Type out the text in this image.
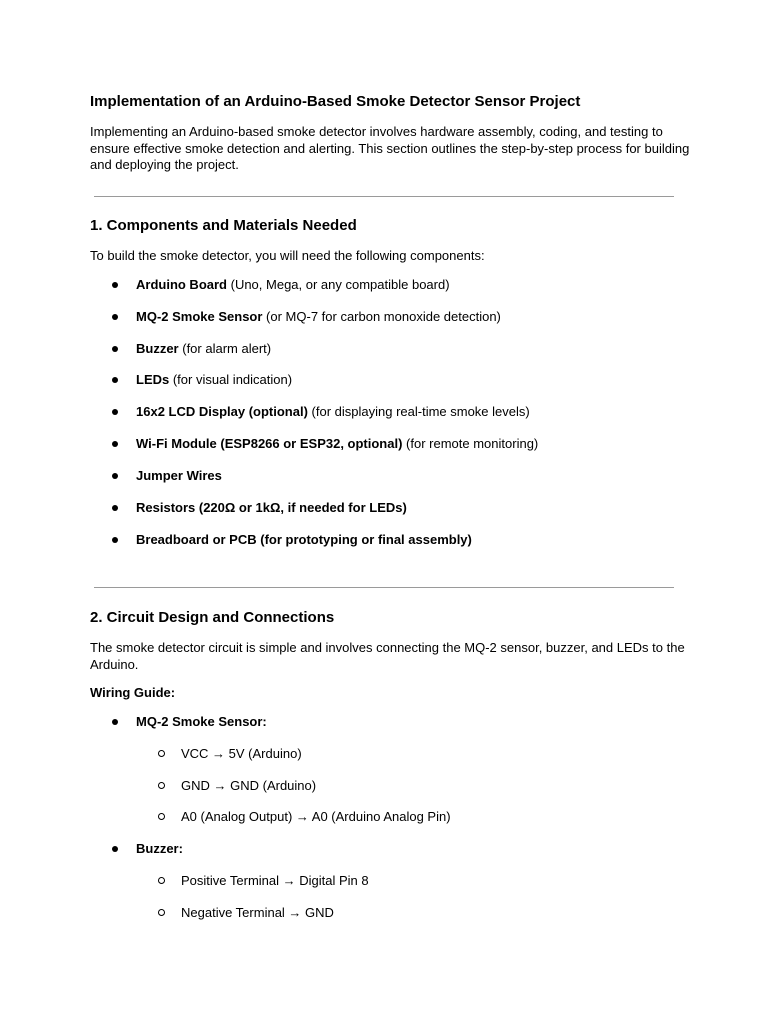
Implementation of an Arduino-Based Smoke Detector Sensor Project
Implementing an Arduino-based smoke detector involves hardware assembly, coding, and testing to ensure effective smoke detection and alerting. This section outlines the step-by-step process for building and deploying the project.
1. Components and Materials Needed
To build the smoke detector, you will need the following components:
Arduino Board (Uno, Mega, or any compatible board)
MQ-2 Smoke Sensor (or MQ-7 for carbon monoxide detection)
Buzzer (for alarm alert)
LEDs (for visual indication)
16x2 LCD Display (optional) (for displaying real-time smoke levels)
Wi-Fi Module (ESP8266 or ESP32, optional) (for remote monitoring)
Jumper Wires
Resistors (220Ω or 1kΩ, if needed for LEDs)
Breadboard or PCB (for prototyping or final assembly)
2. Circuit Design and Connections
The smoke detector circuit is simple and involves connecting the MQ-2 sensor, buzzer, and LEDs to the Arduino.
Wiring Guide:
MQ-2 Smoke Sensor:
VCC → 5V (Arduino)
GND → GND (Arduino)
A0 (Analog Output) → A0 (Arduino Analog Pin)
Buzzer:
Positive Terminal → Digital Pin 8
Negative Terminal → GND
